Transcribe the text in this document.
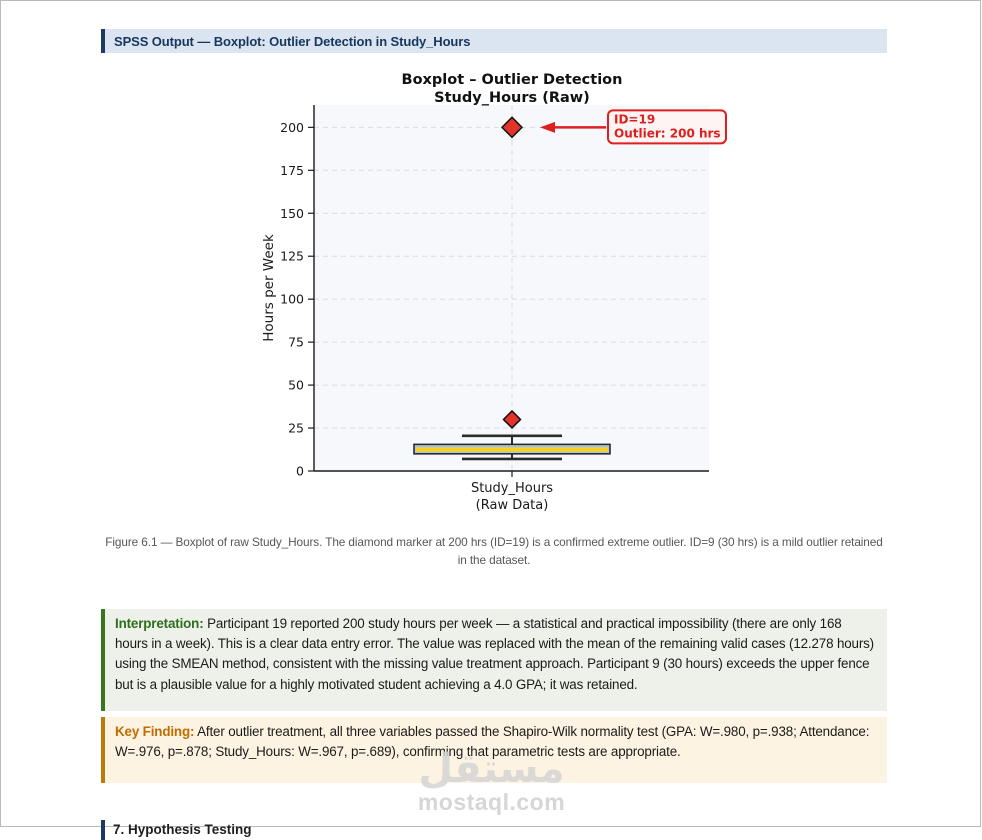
SPSS Output — Boxplot: Outlier Detection in Study_Hours
0
25
50
75
100
125
150
175
200
ID=19
Outlier: 200 hrs
Boxplot – Outlier Detection
Study_Hours (Raw)
Hours per Week
Study_Hours
(Raw Data)
Figure 6.1 — Boxplot of raw Study_Hours. The diamond marker at 200 hrs (ID=19) is a confirmed extreme outlier. ID=9 (30 hrs) is a mild outlier retained in the dataset.
Interpretation: Participant 19 reported 200 study hours per week — a statistical and practical impossibility (there are only 168 hours in a week). This is a clear data entry error. The value was replaced with the mean of the remaining valid cases (12.278 hours) using the SMEAN method, consistent with the missing value treatment approach. Participant 9 (30 hours) exceeds the upper fence but is a plausible value for a highly motivated student achieving a 4.0 GPA; it was retained.
Key Finding: After outlier treatment, all three variables passed the Shapiro-Wilk normality test (GPA: W=.980, p=.938; Attendance: W=.976, p=.878; Study_Hours: W=.967, p=.689), confirming that parametric tests are appropriate.
مستقل
mostaql.com
7. Hypothesis Testing
